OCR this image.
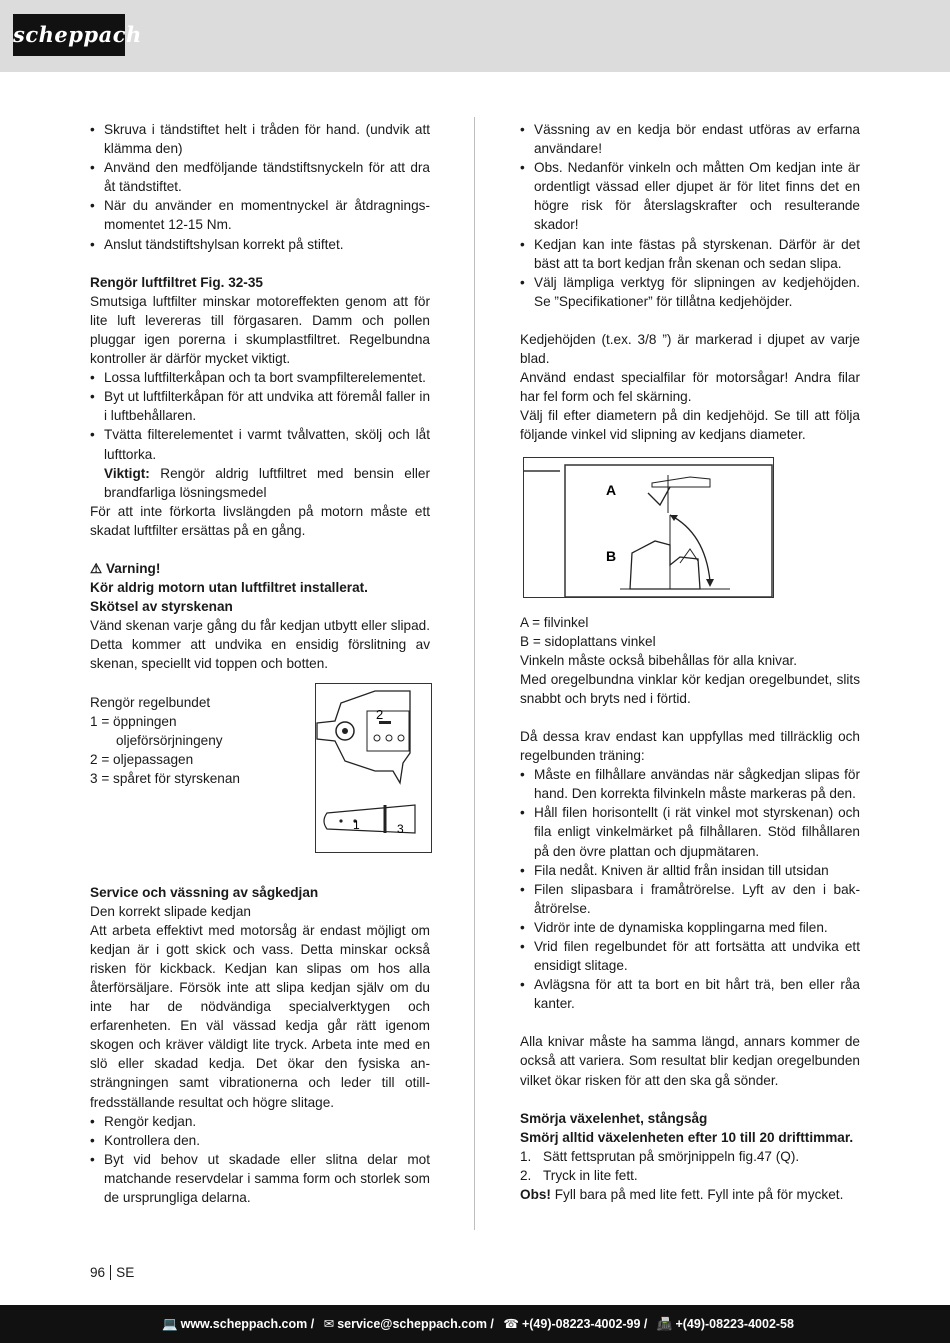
scheppach
• Skruva i tändstiftet helt i tråden för hand. (undvik att klämma den)
• Använd den medföljande tändstiftsnyckeln för att dra åt tändstiftet.
• När du använder en momentnyckel är åtdragningsmomentet 12-15 Nm.
• Anslut tändstiftshylsan korrekt på stiftet.

Rengör luftfiltret Fig. 32-35

Smutsiga luftfilter minskar motoreffekten genom att för lite luft levereras till förgasaren. Damm och pollen pluggar igen porerna i skumplastfiltret. Regelbundna kontroller är därför mycket viktigt.

• Lossa luftfilterkåpan och ta bort svampfilterelementet.
• Byt ut luftfilterkåpan för att undvika att föremål faller in i luftbehållaren.
• Tvätta filterelementet i varmt tvålvatten, skölj och låt lufttorka.
Viktigt: Rengör aldrig luftfiltret med bensin eller brandfarliga lösningsmedel

För att inte förkorta livslängden på motorn måste ett skadat luftfilter ersättas på en gång.

⚠ Varning!

Kör aldrig motorn utan luftfiltret installerat.

Skötsel av styrskenan

Vänd skenan varje gång du får kedjan utbytt eller slipad. Detta kommer att undvika en ensidig förslitning av skenan, speciellt vid toppen och botten.

Rengör regelbundet
1 = öppningen
oljeförsörjningeny
2 = oljepassagen
3 = spåret för styrskenan
2
1	3

Service och vässning av sågkedjan

Den korrekt slipade kedjan

Att arbeta effektivt med motorsåg är endast möjligt om kedjan är i gott skick och vass. Detta minskar också risken för kickback. Kedjan kan slipas om hos alla återförsäljare. Försök inte att slipa kedjan själv om du inte har de nödvändiga specialverktygen och erfarenheten. En väl vässad kedja går rätt igenom skogen och kräver väldigt lite tryck. Arbeta inte med en slö eller skadad kedja. Det ökar den fysiska ansträngningen samt vibrationerna och leder till otillfredsställande resultat och högre slitage.

• Rengör kedjan.
• Kontrollera den.
• Byt vid behov ut skadade eller slitna delar mot matchande reservdelar i samma form och storlek som de ursprungliga delarna.
• Vässning av en kedja bör endast utföras av erfarna användare!
• Obs. Nedanför vinkeln och måtten Om kedjan inte är ordentligt vässad eller djupet är för litet finns det en högre risk för återslagskrafter och resulterande skador!
• Kedjan kan inte fästas på styrskenan. Därför är det bäst att ta bort kedjan från skenan och sedan slipa.
• Välj lämpliga verktyg för slipningen av kedjehöjden. Se ”Specifikationer” för tillåtna kedjehöjder.

Kedjehöjden (t.ex. 3/8 ”) är markerad i djupet av varje blad.

Använd endast specialfilar för motorsågar! Andra filar har fel form och fel skärning.

Välj fil efter diametern på din kedjehöjd. Se till att följa följande vinkel vid slipning av kedjans diameter.

A
B

A = filvinkel

B = sidoplattans vinkel

Vinkeln måste också bibehållas för alla knivar.

Med oregelbundna vinklar kör kedjan oregelbundet, slits snabbt och bryts ned i förtid.

Då dessa krav endast kan uppfyllas med tillräcklig och regelbunden träning:

• Måste en filhållare användas när sågkedjan slipas för hand. Den korrekta filvinkeln måste markeras på den.
• Håll filen horisontellt (i rät vinkel mot styrskenan) och fila enligt vinkelmärket på filhållaren. Stöd filhållaren på den övre plattan och djupmätaren.
• Fila nedåt. Kniven är alltid från insidan till utsidan
• Filen slipasbara i framåtrörelse. Lyft av den i bakåtrörelse.
• Vidrör inte de dynamiska kopplingarna med filen.
• Vrid filen regelbundet för att fortsätta att undvika ett ensidigt slitage.
• Avlägsna för att ta bort en bit hårt trä, ben eller råa kanter.

Alla knivar måste ha samma längd, annars kommer de också att variera. Som resultat blir kedjan oregelbunden vilket ökar risken för att den ska gå sönder.

Smörja växelenhet, stångsåg

Smörj alltid växelenheten efter 10 till 20 drifttimmar.

1. Sätt fettsprutan på smörjnippeln fig.47 (Q).
2. Tryck in lite fett.

Obs! Fyll bara på med lite fett. Fyll inte på för mycket.

96 SE
💻 www.scheppach.com / ✉ service@scheppach.com / ☎ +(49)-08223-4002-99 / 📠 +(49)-08223-4002-58
